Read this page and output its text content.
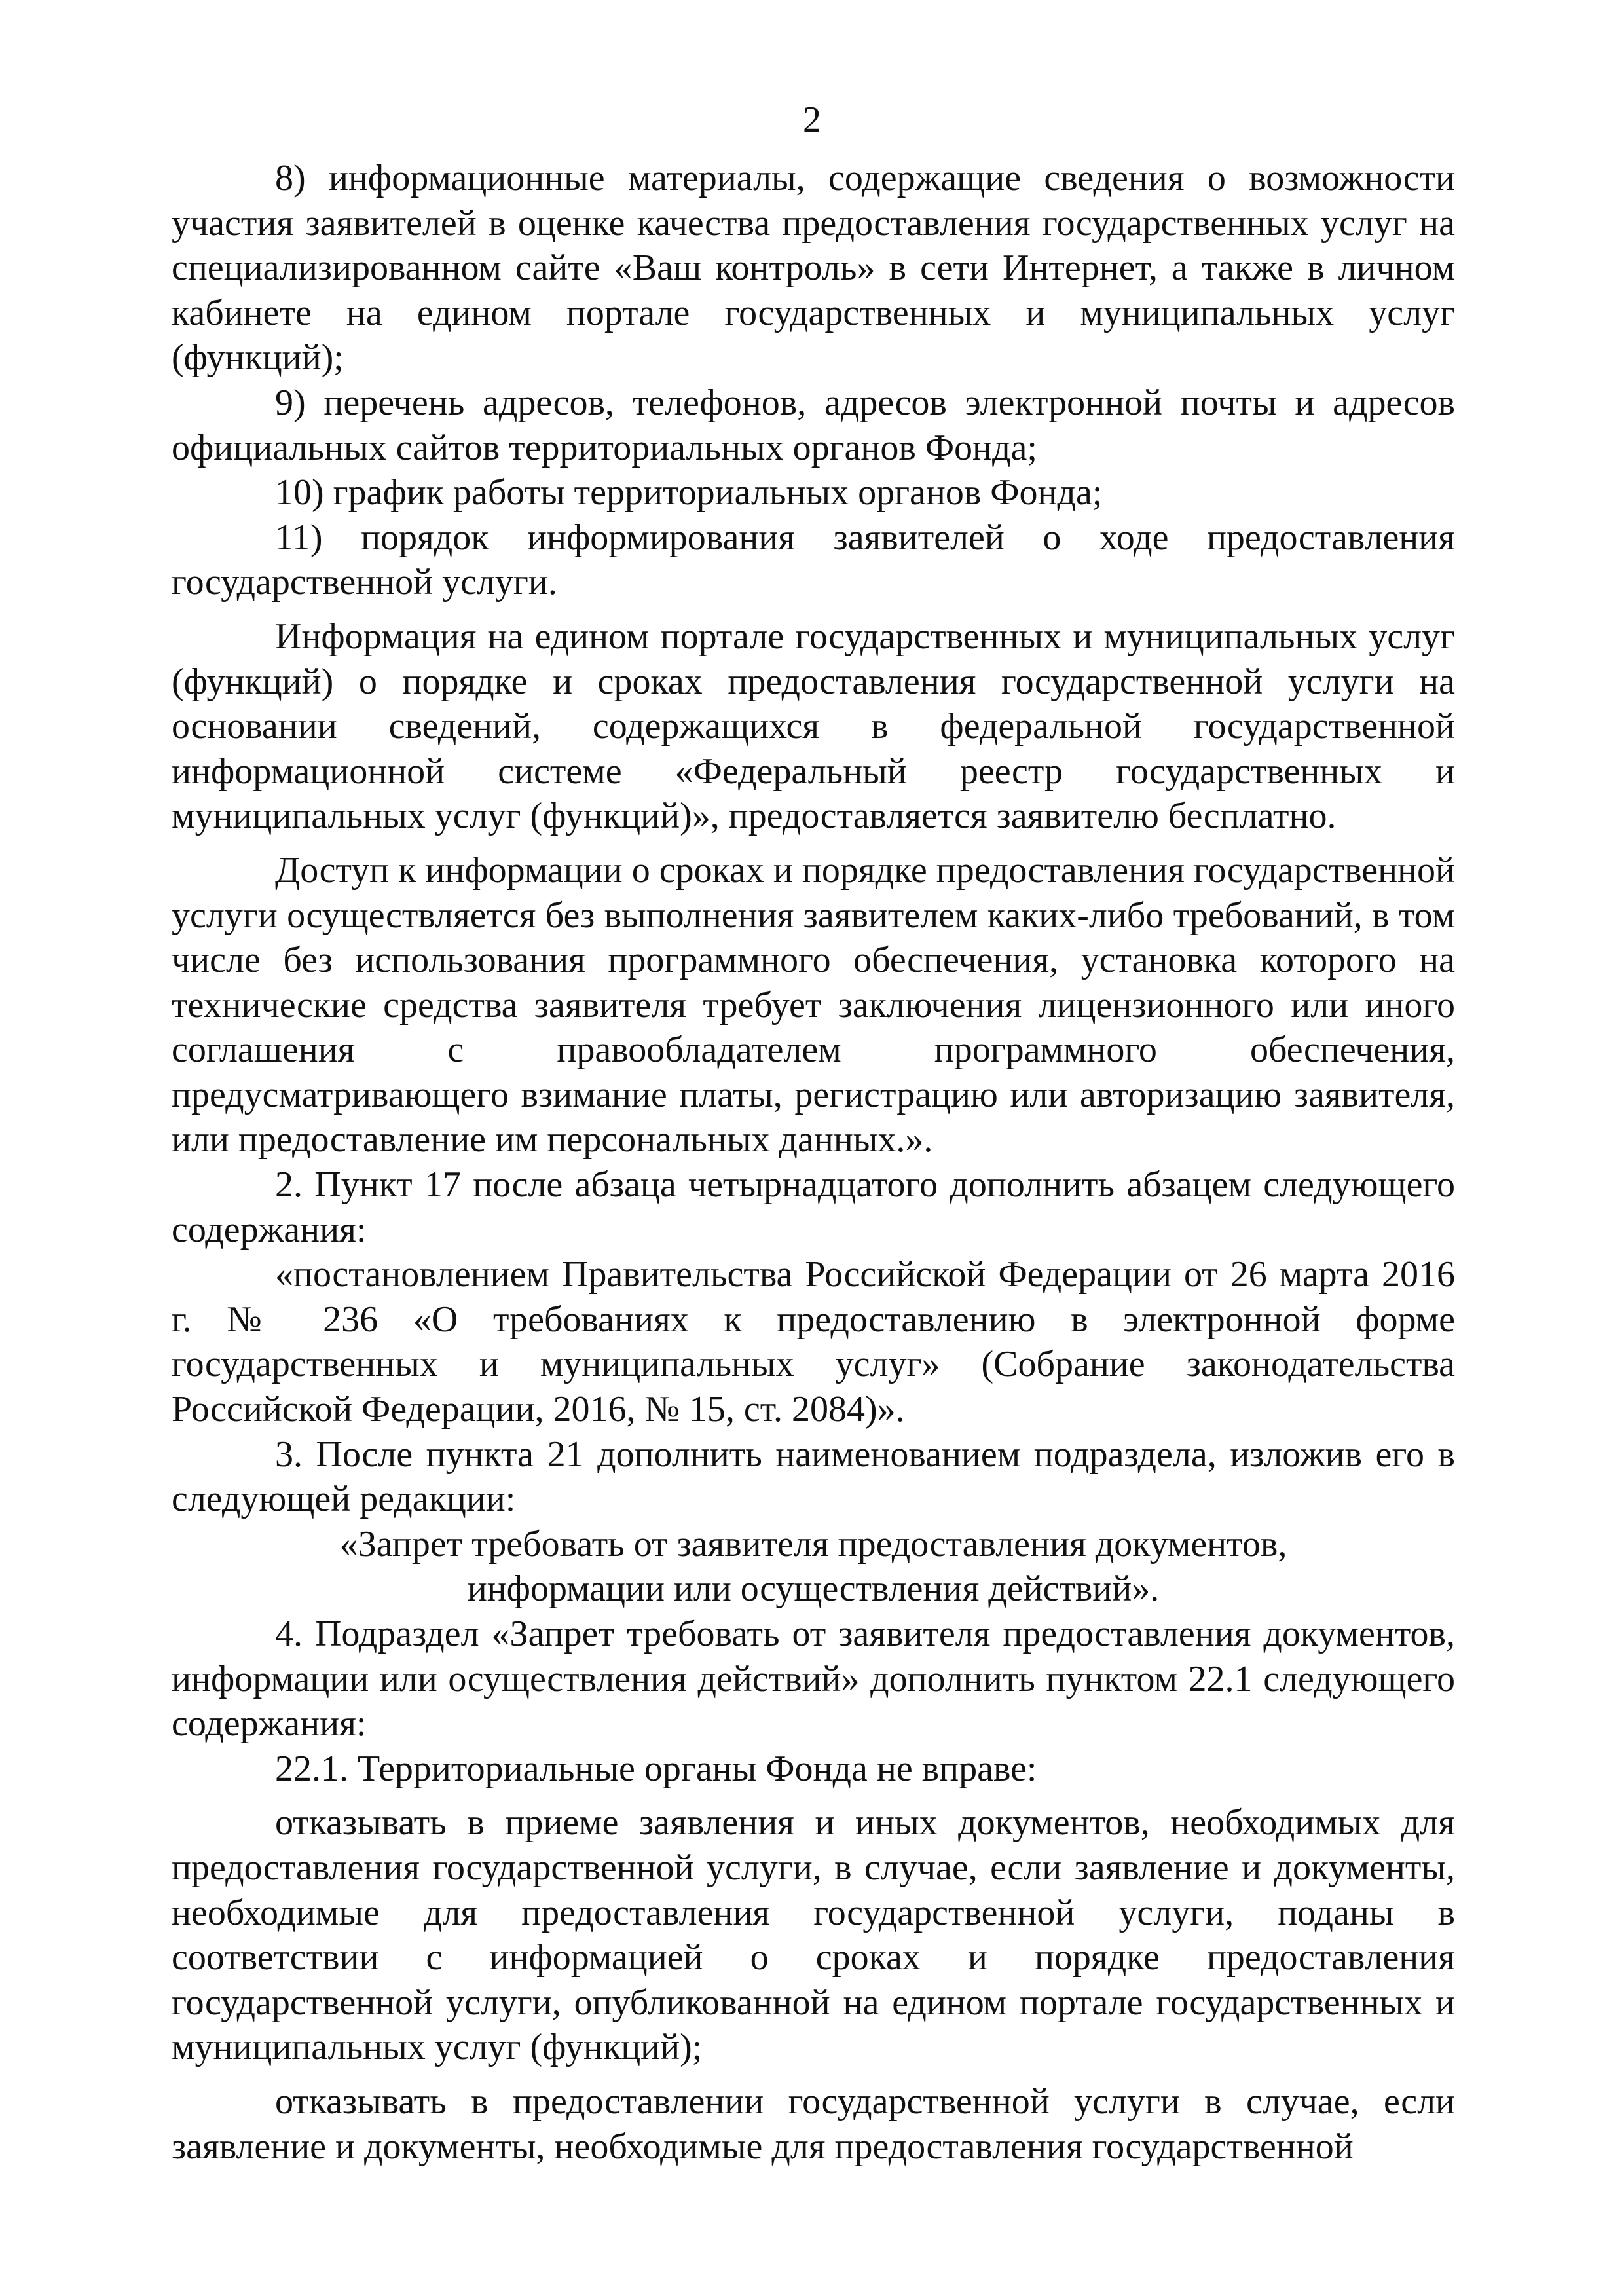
2

8) информационные материалы, содержащие сведения о возможности участия заявителей в оценке качества предоставления государственных услуг на специализированном сайте «Ваш контроль» в сети Интернет, а также в личном кабинете на едином портале государственных и муниципальных услуг (функций);

9) перечень адресов, телефонов, адресов электронной почты и адресов официальных сайтов территориальных органов Фонда;

10) график работы территориальных органов Фонда;

11) порядок информирования заявителей о ходе предоставления государственной услуги.

Информация на едином портале государственных и муниципальных услуг (функций) о порядке и сроках предоставления государственной услуги на основании сведений, содержащихся в федеральной государственной информационной системе «Федеральный реестр государственных и муниципальных услуг (функций)», предоставляется заявителю бесплатно.

Доступ к информации о сроках и порядке предоставления государственной услуги осуществляется без выполнения заявителем каких-либо требований, в том числе без использования программного обеспечения, установка которого на технические средства заявителя требует заключения лицензионного или иного соглашения с правообладателем программного обеспечения, предусматривающего взимание платы, регистрацию или авторизацию заявителя, или предоставление им персональных данных.».

2. Пункт 17 после абзаца четырнадцатого дополнить абзацем следующего содержания:

«постановлением Правительства Российской Федерации от 26 марта 2016 г. № 236 «О требованиях к предоставлению в электронной форме государственных и муниципальных услуг» (Собрание законодательства Российской Федерации, 2016, № 15, ст. 2084)».

3. После пункта 21 дополнить наименованием подраздела, изложив его в следующей редакции:

«Запрет требовать от заявителя предоставления документов,
информации или осуществления действий».

4. Подраздел «Запрет требовать от заявителя предоставления документов, информации или осуществления действий» дополнить пунктом 22.1 следующего содержания:

22.1. Территориальные органы Фонда не вправе:

отказывать в приеме заявления и иных документов, необходимых для предоставления государственной услуги, в случае, если заявление и документы, необходимые для предоставления государственной услуги, поданы в соответствии с информацией о сроках и порядке предоставления государственной услуги, опубликованной на едином портале государственных и муниципальных услуг (функций);

отказывать в предоставлении государственной услуги в случае, если заявление и документы, необходимые для предоставления государственной
